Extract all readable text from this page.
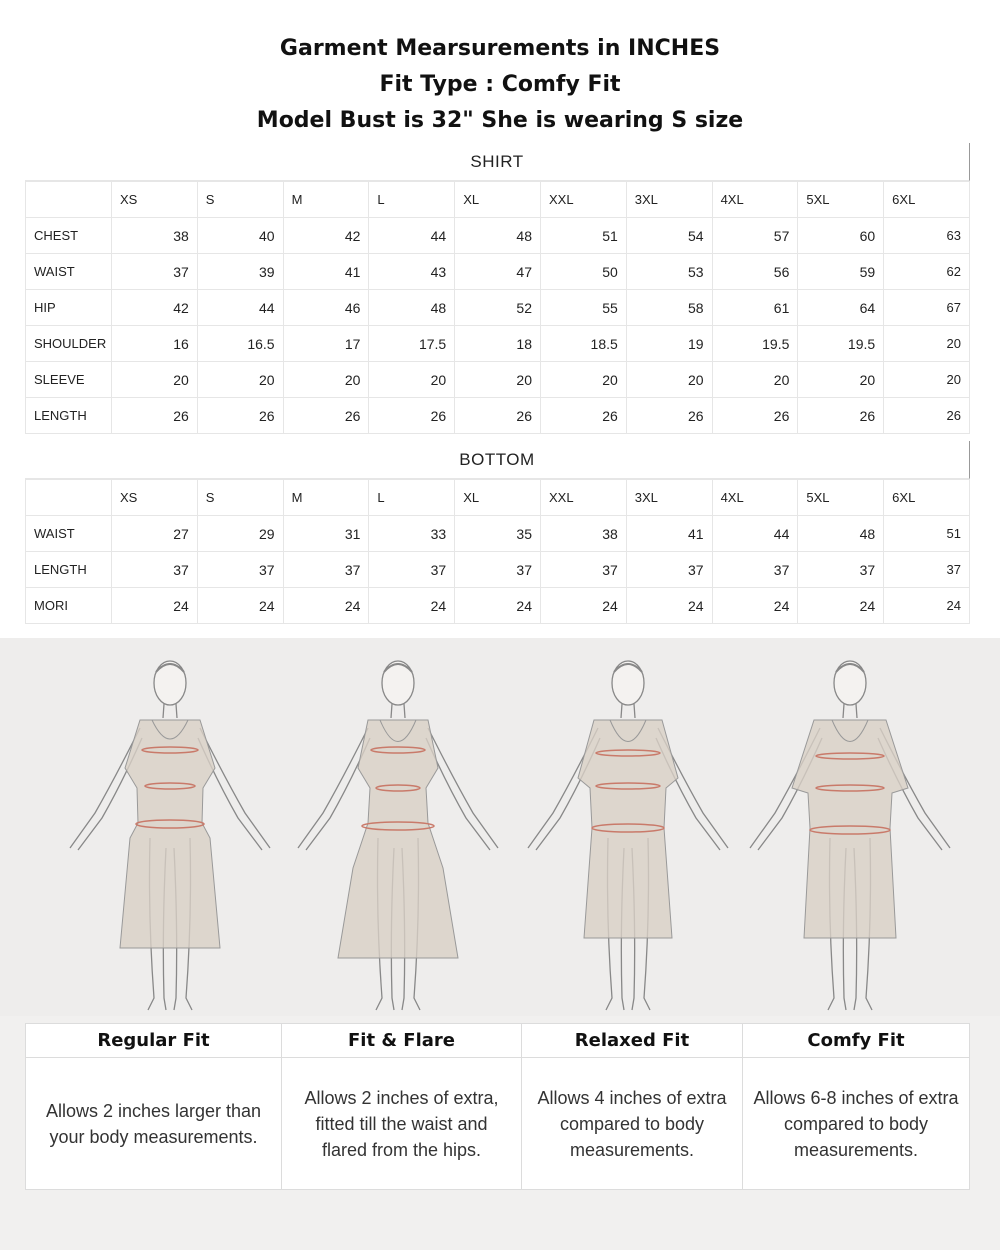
Garment Mearsurements in INCHES
Fit Type : Comfy Fit
Model Bust is 32" She is wearing S size
SHIRT
	XS	S	M	L	XL	XXL	3XL	4XL	5XL	6XL
CHEST	38	40	42	44	48	51	54	57	60	63
WAIST	37	39	41	43	47	50	53	56	59	62
HIP	42	44	46	48	52	55	58	61	64	67
SHOULDER	16	16.5	17	17.5	18	18.5	19	19.5	19.5	20
SLEEVE	20	20	20	20	20	20	20	20	20	20
LENGTH	26	26	26	26	26	26	26	26	26	26
BOTTOM
	XS	S	M	L	XL	XXL	3XL	4XL	5XL	6XL
WAIST	27	29	31	33	35	38	41	44	48	51
LENGTH	37	37	37	37	37	37	37	37	37	37
MORI	24	24	24	24	24	24	24	24	24	24
Regular Fit
Allows 2 inches larger than your body measurements.
Fit & Flare
Allows 2 inches of extra, fitted till the waist and flared from the hips.
Relaxed Fit
Allows 4 inches of extra compared to body measurements.
Comfy Fit
Allows 6-8 inches of extra compared to body measurements.
